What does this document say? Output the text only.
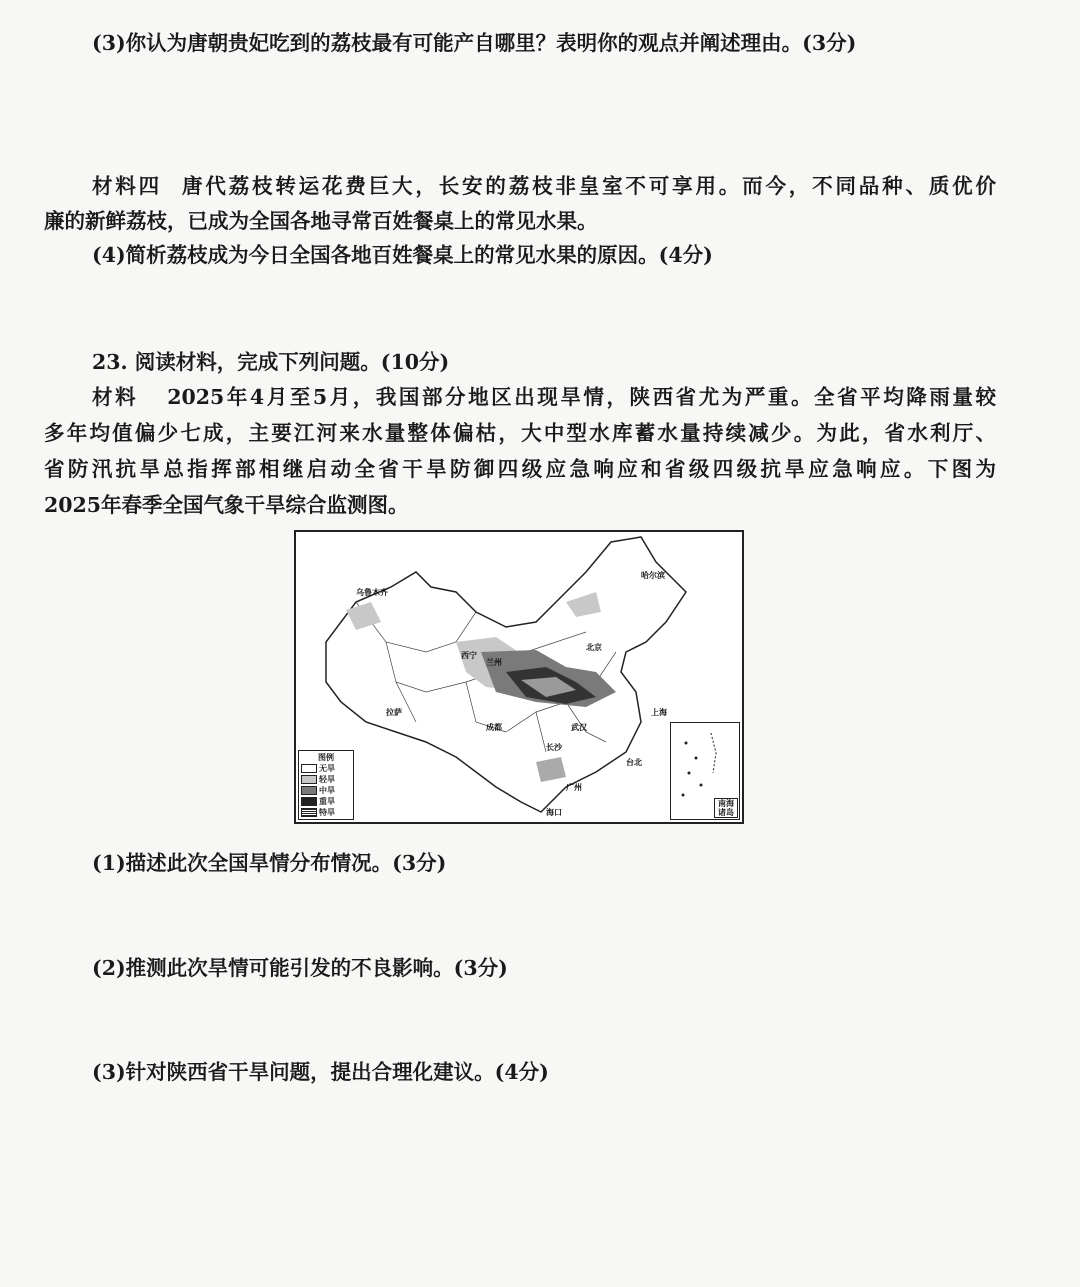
(3)你认为唐朝贵妃吃到的荔枝最有可能产自哪里？表明你的观点并阐述理由。(3分)
材料四 唐代荔枝转运花费巨大，长安的荔枝非皇室不可享用。而今，不同品种、质优价
廉的新鲜荔枝，已成为全国各地寻常百姓餐桌上的常见水果。
(4)简析荔枝成为今日全国各地百姓餐桌上的常见水果的原因。(4分)
23. 阅读材料，完成下列问题。(10分)
材料 2025年4月至5月，我国部分地区出现旱情，陕西省尤为严重。全省平均降雨量较
多年均值偏少七成，主要江河来水量整体偏枯，大中型水库蓄水量持续减少。为此，省水利厅、
省防汛抗旱总指挥部相继启动全省干旱防御四级应急响应和省级四级抗旱应急响应。下图为
2025年春季全国气象干旱综合监测图。
乌鲁木齐
哈尔滨
西宁
兰州
成都
长沙
上海
广州
海口
台北
拉萨
武汉
北京
图例
无旱
轻旱
中旱
重旱
特旱
南海诸岛
(1)描述此次全国旱情分布情况。(3分)
(2)推测此次旱情可能引发的不良影响。(3分)
(3)针对陕西省干旱问题，提出合理化建议。(4分)
